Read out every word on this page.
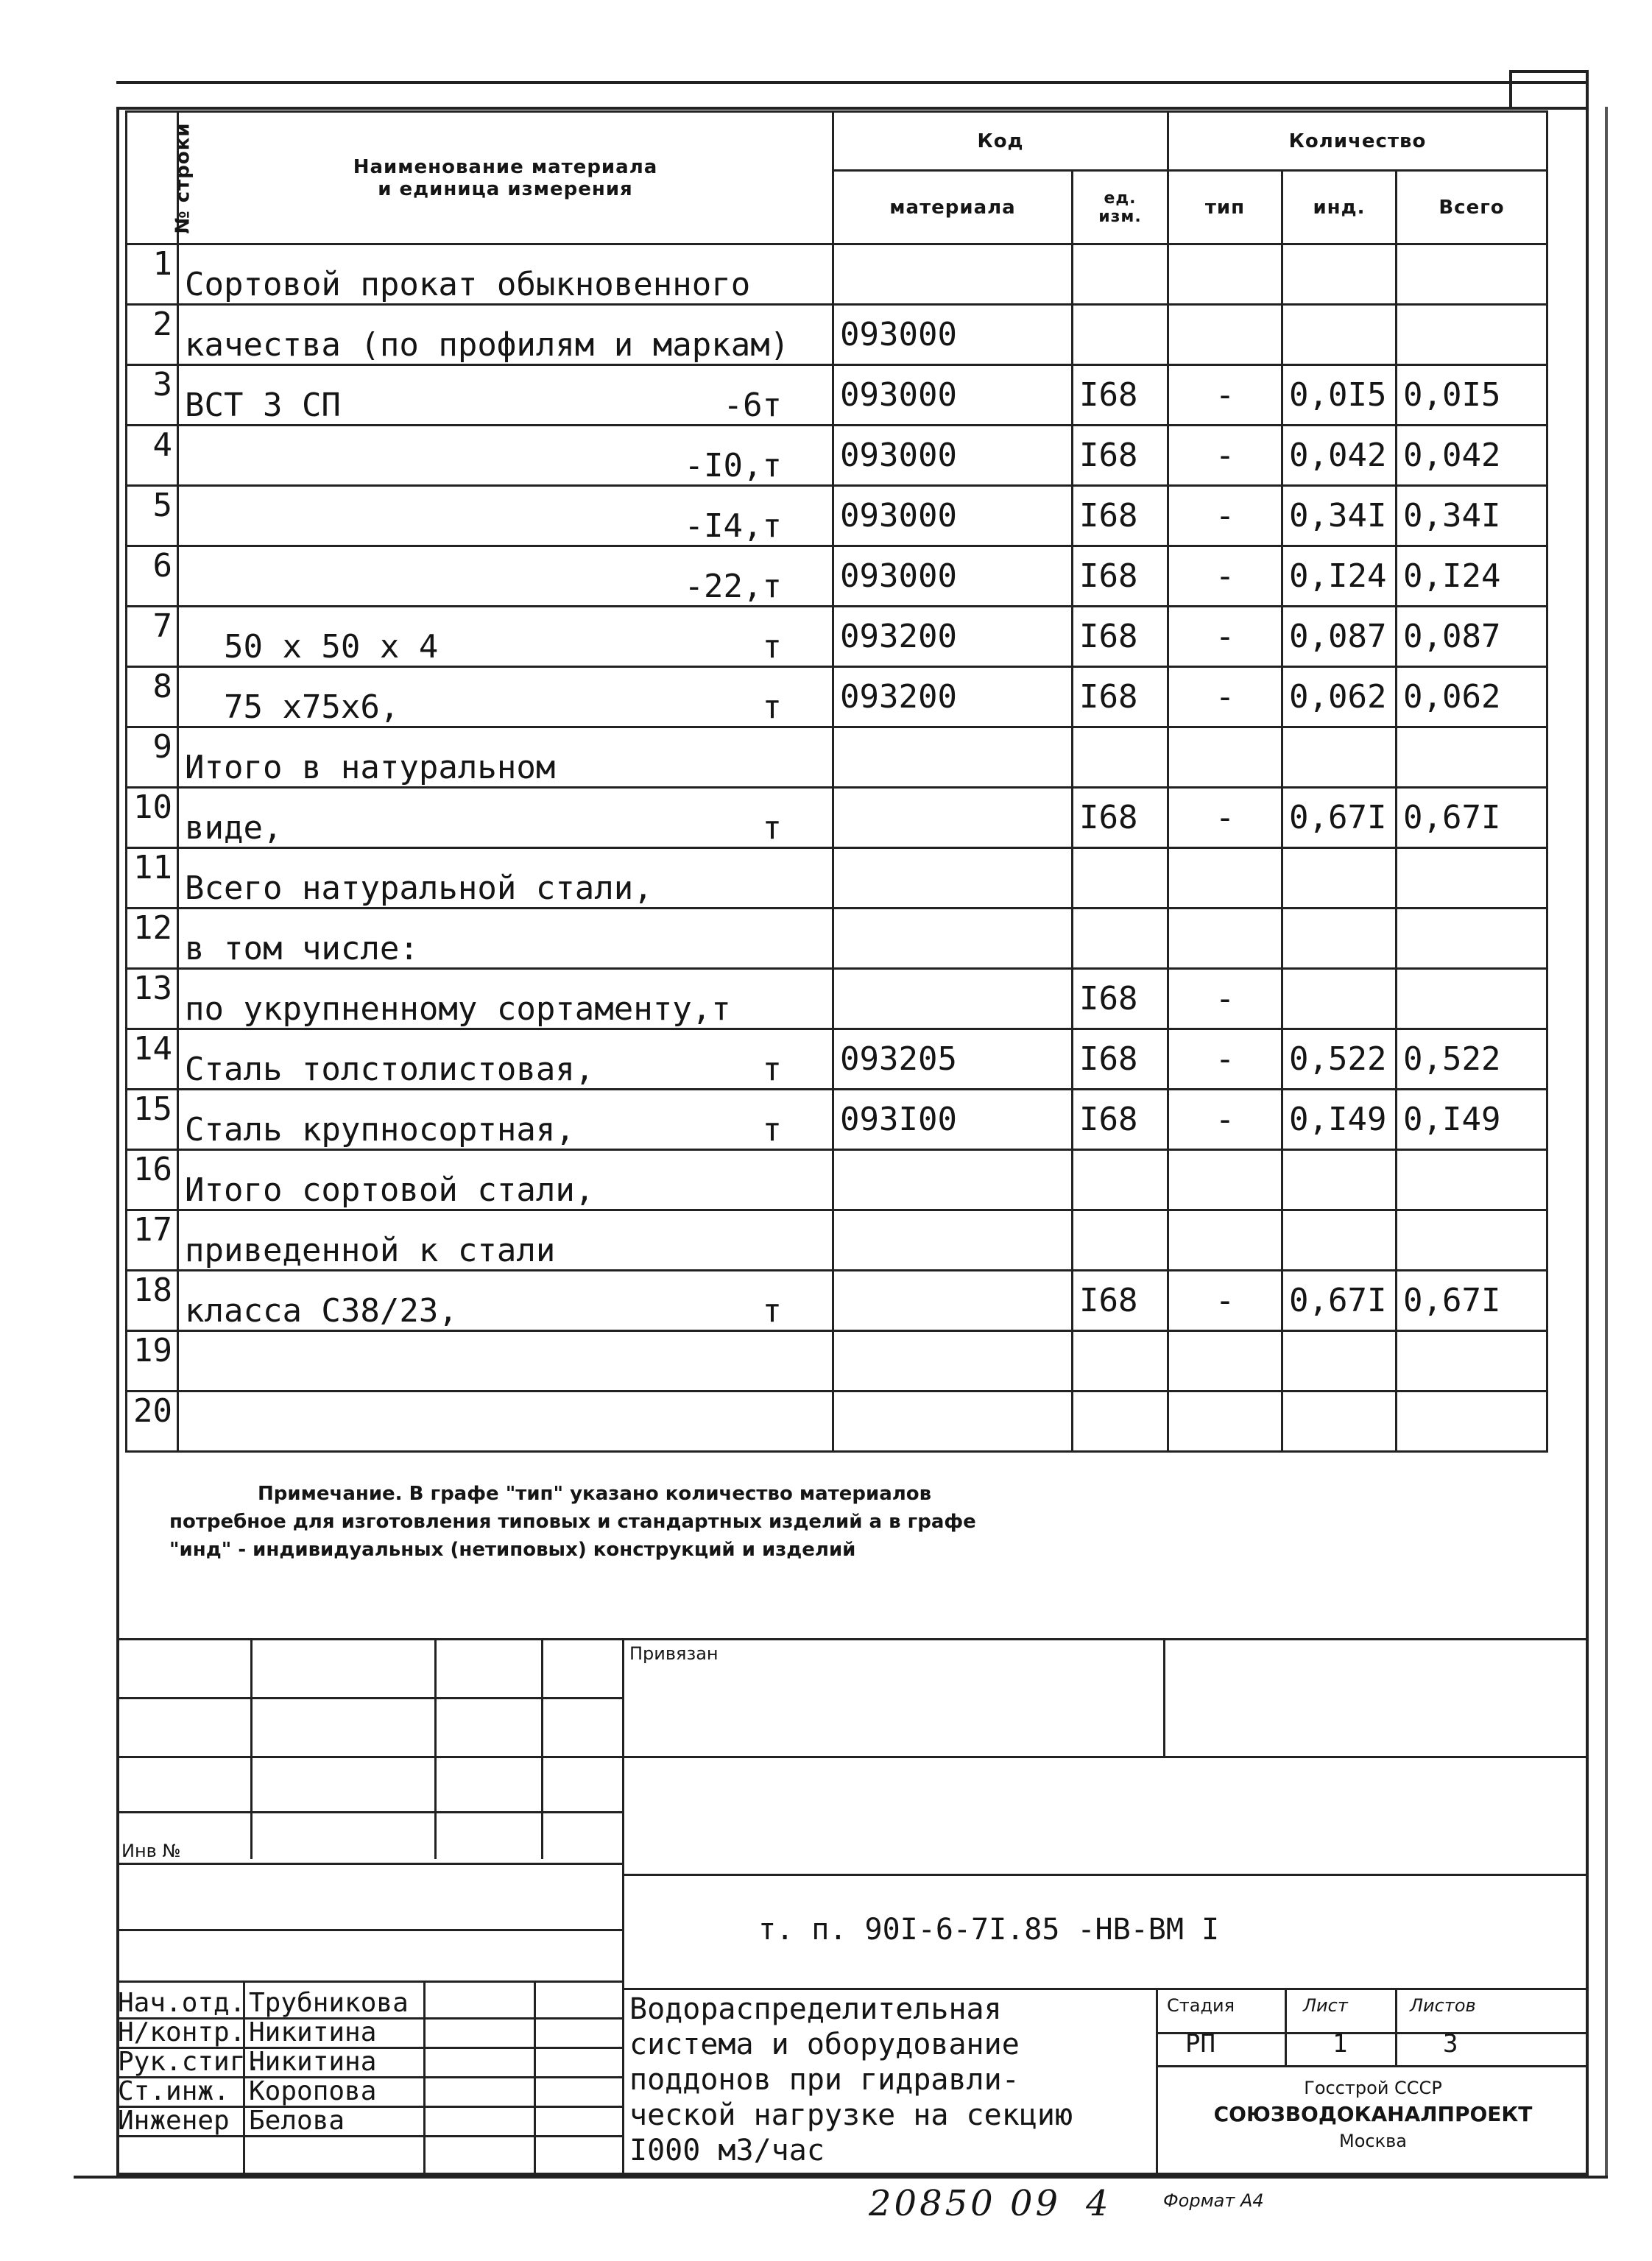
№ строки	Наименование материала
и единица измерения	Код		Количество		
		материала	ед. изм.	тип	инд.	Всего
1	Сортовой прокат обыкновенного					

2	качества (по профилям и маркам)	093000				
3	ВСТ 3 СП -6т	093000	I68	-	0,0I5	0,0I5
4	-I0,т	093000	I68	-	0,042	0,042
5	-I4,т	093000	I68	-	0,34I	0,34I
6	-22,т	093000	I68	-	0,I24	0,I24
7	50 х 50 х 4 т	093200	I68	-	0,087	0,087
8	75 х75х6, т	093200	I68	-	0,062	0,062
9	Итого в натуральном					

10	виде, т		I68	-	0,67I	0,67I
11	Всего натуральной стали,					

12	в том числе:					

13	по укрупненному сортаменту,т		I68	-		
14	Сталь толстолистовая, т	093205	I68	-	0,522	0,522
15	Сталь крупносортная, т	093I00	I68	-	0,I49	0,I49
16	Итого сортовой стали,					

17	приведенной к стали					

18	класса С38/23, т		I68	-	0,67I	0,67I
19	

20	

Примечание. В графе "тип" указано количество материалов потребное для изготовления типовых и стандартных изделий а в графе "инд" - индивидуальных (нетиповых) конструкций и изделий
Привязан
Инв №
т. п. 90I-6-7I.85 -НВ-ВМ I
Нач.отд. Трубникова
Н/контр. Никитина
Рук.стиг.
Никитина
Ст.инж. Коропова
Инженер Белова
Водораспределительная
система и оборудование
поддонов при гидравли-
ческой нагрузке на секцию
I000 м3/час
Стадия	Лист	Листов
РП	1	3
Госстрой СССР
СОЮЗВОДОКАНАЛПРОЕКТ
Москва
20850 09 4	Формат А4
